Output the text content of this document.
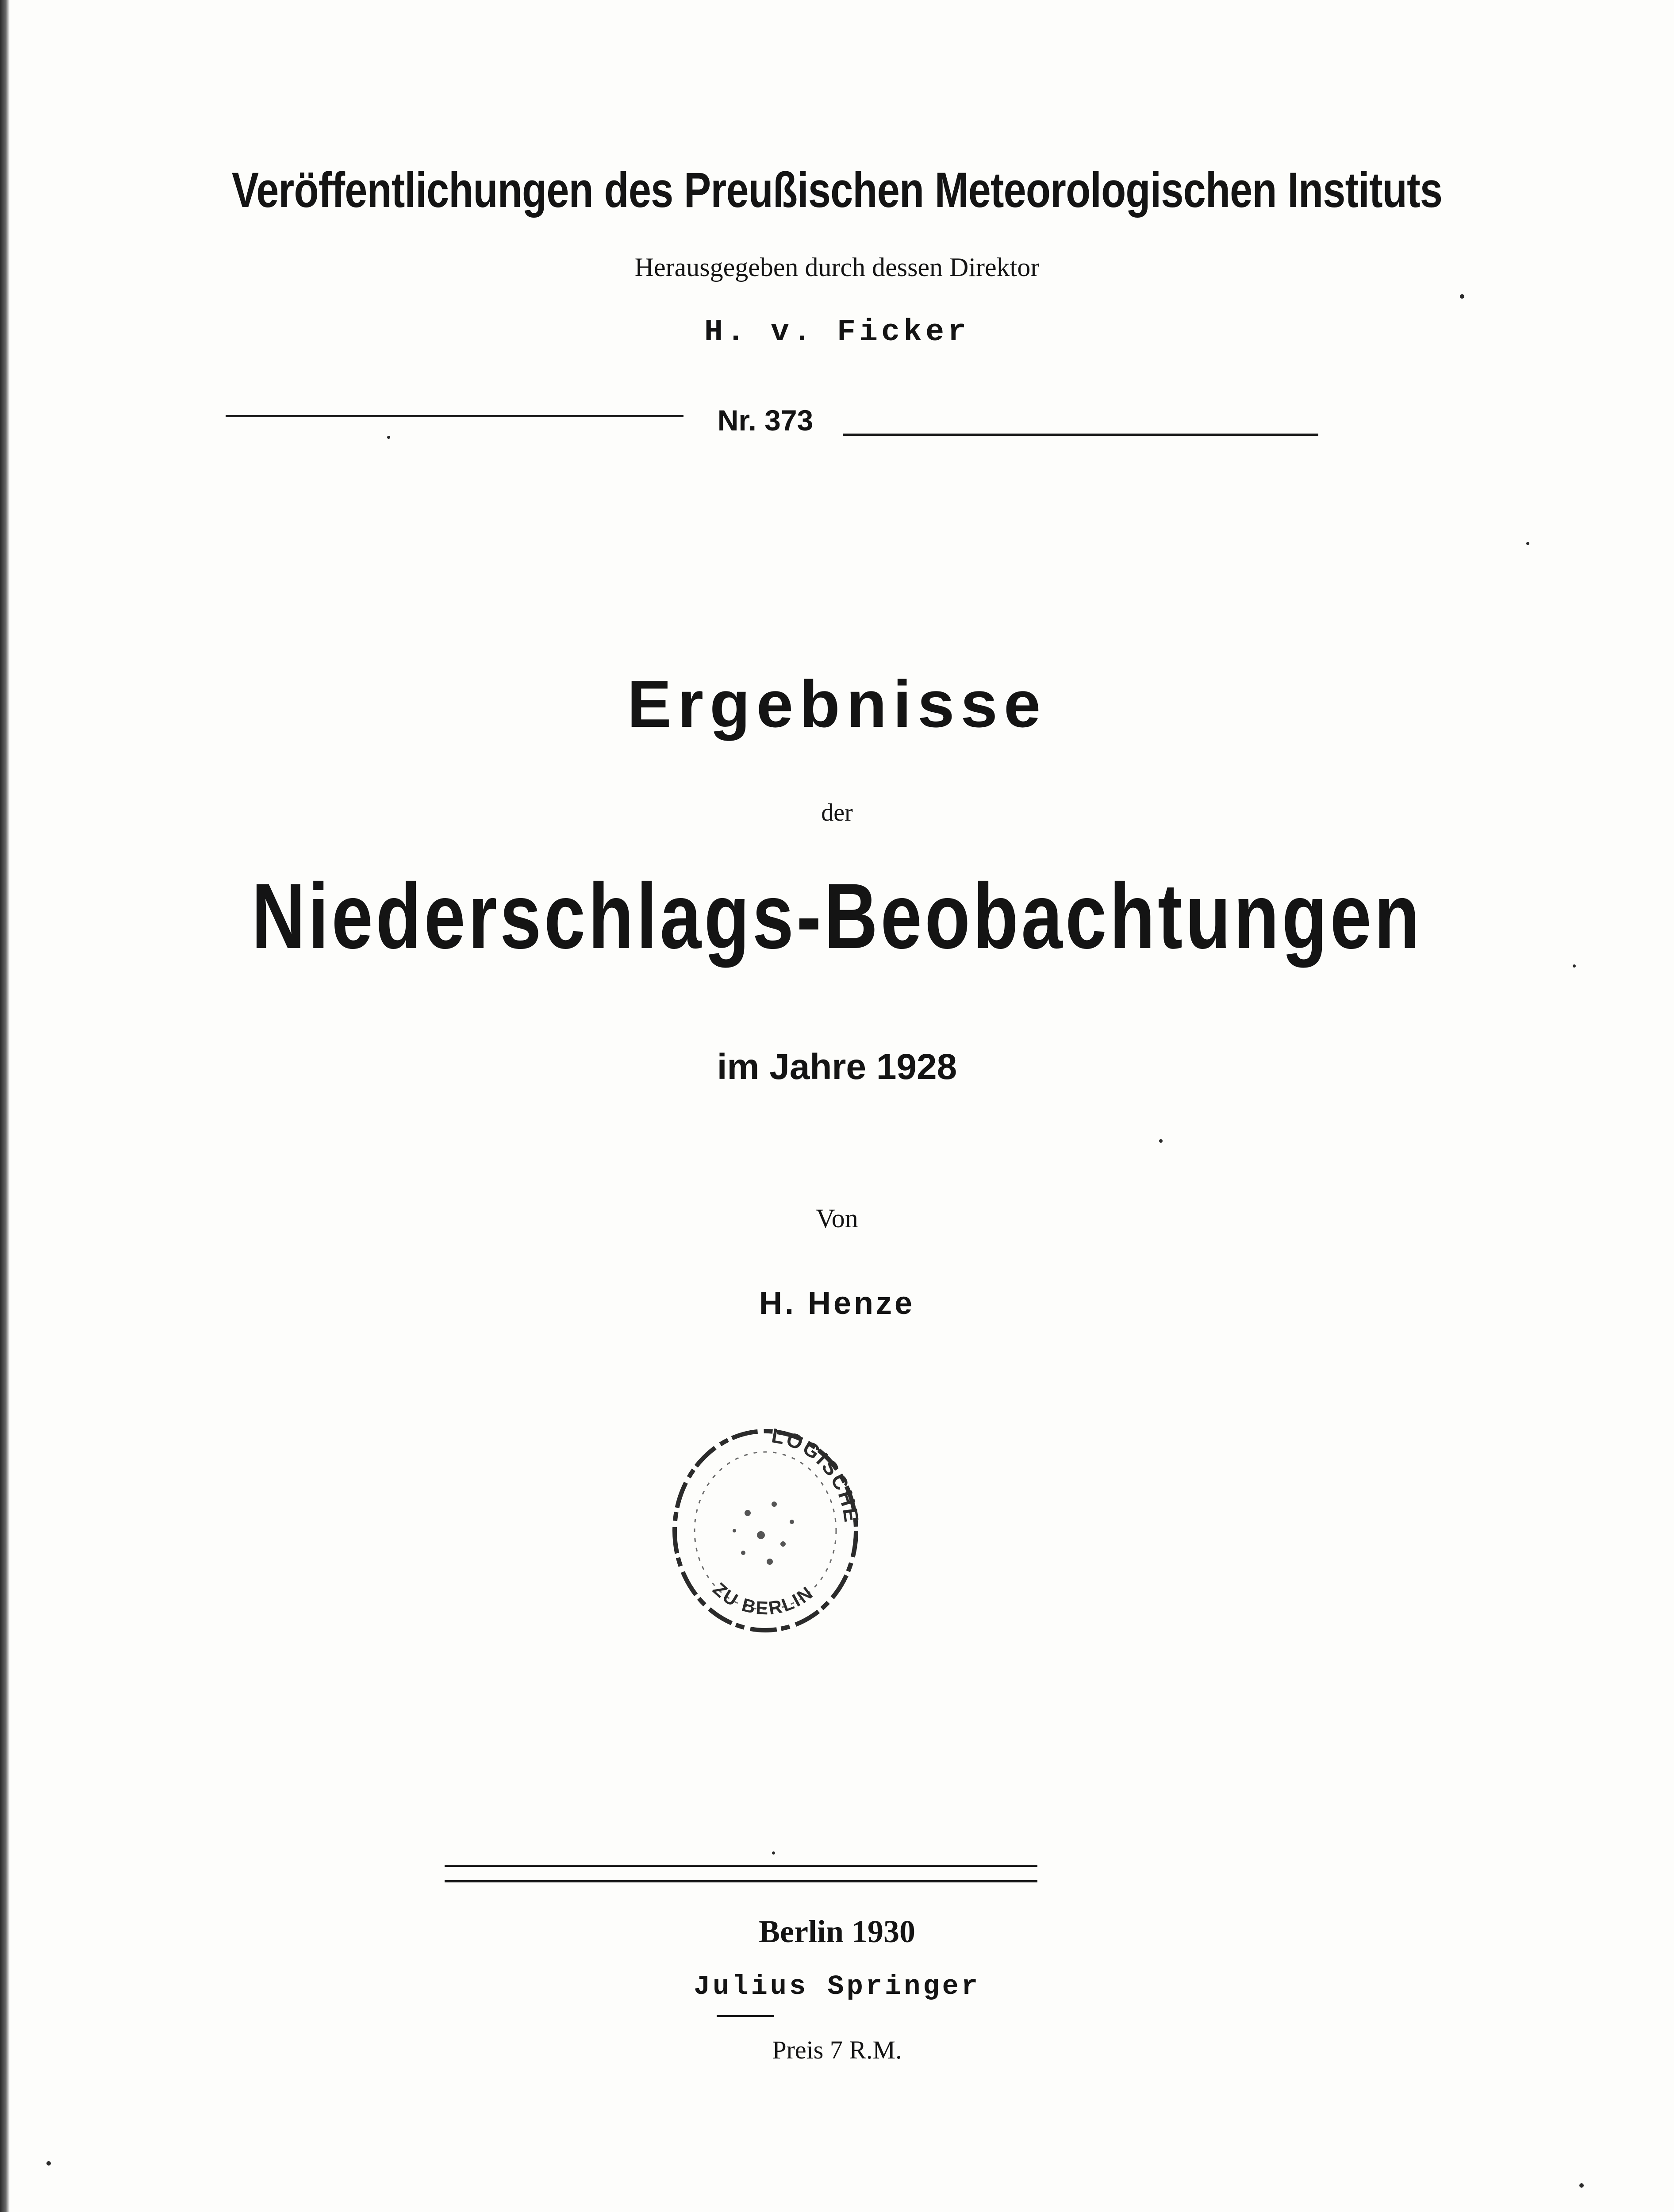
Veröffentlichungen des Preußischen Meteorologischen Instituts
Herausgegeben durch dessen Direktor
H. v. Ficker
Nr. 373
Ergebnisse
der
Niederschlags-Beobachtungen
im Jahre 1928
Von
H. Henze
LOGISCHE
ZU BERLIN
Berlin 1930
Julius Springer
Preis 7 R.M.
